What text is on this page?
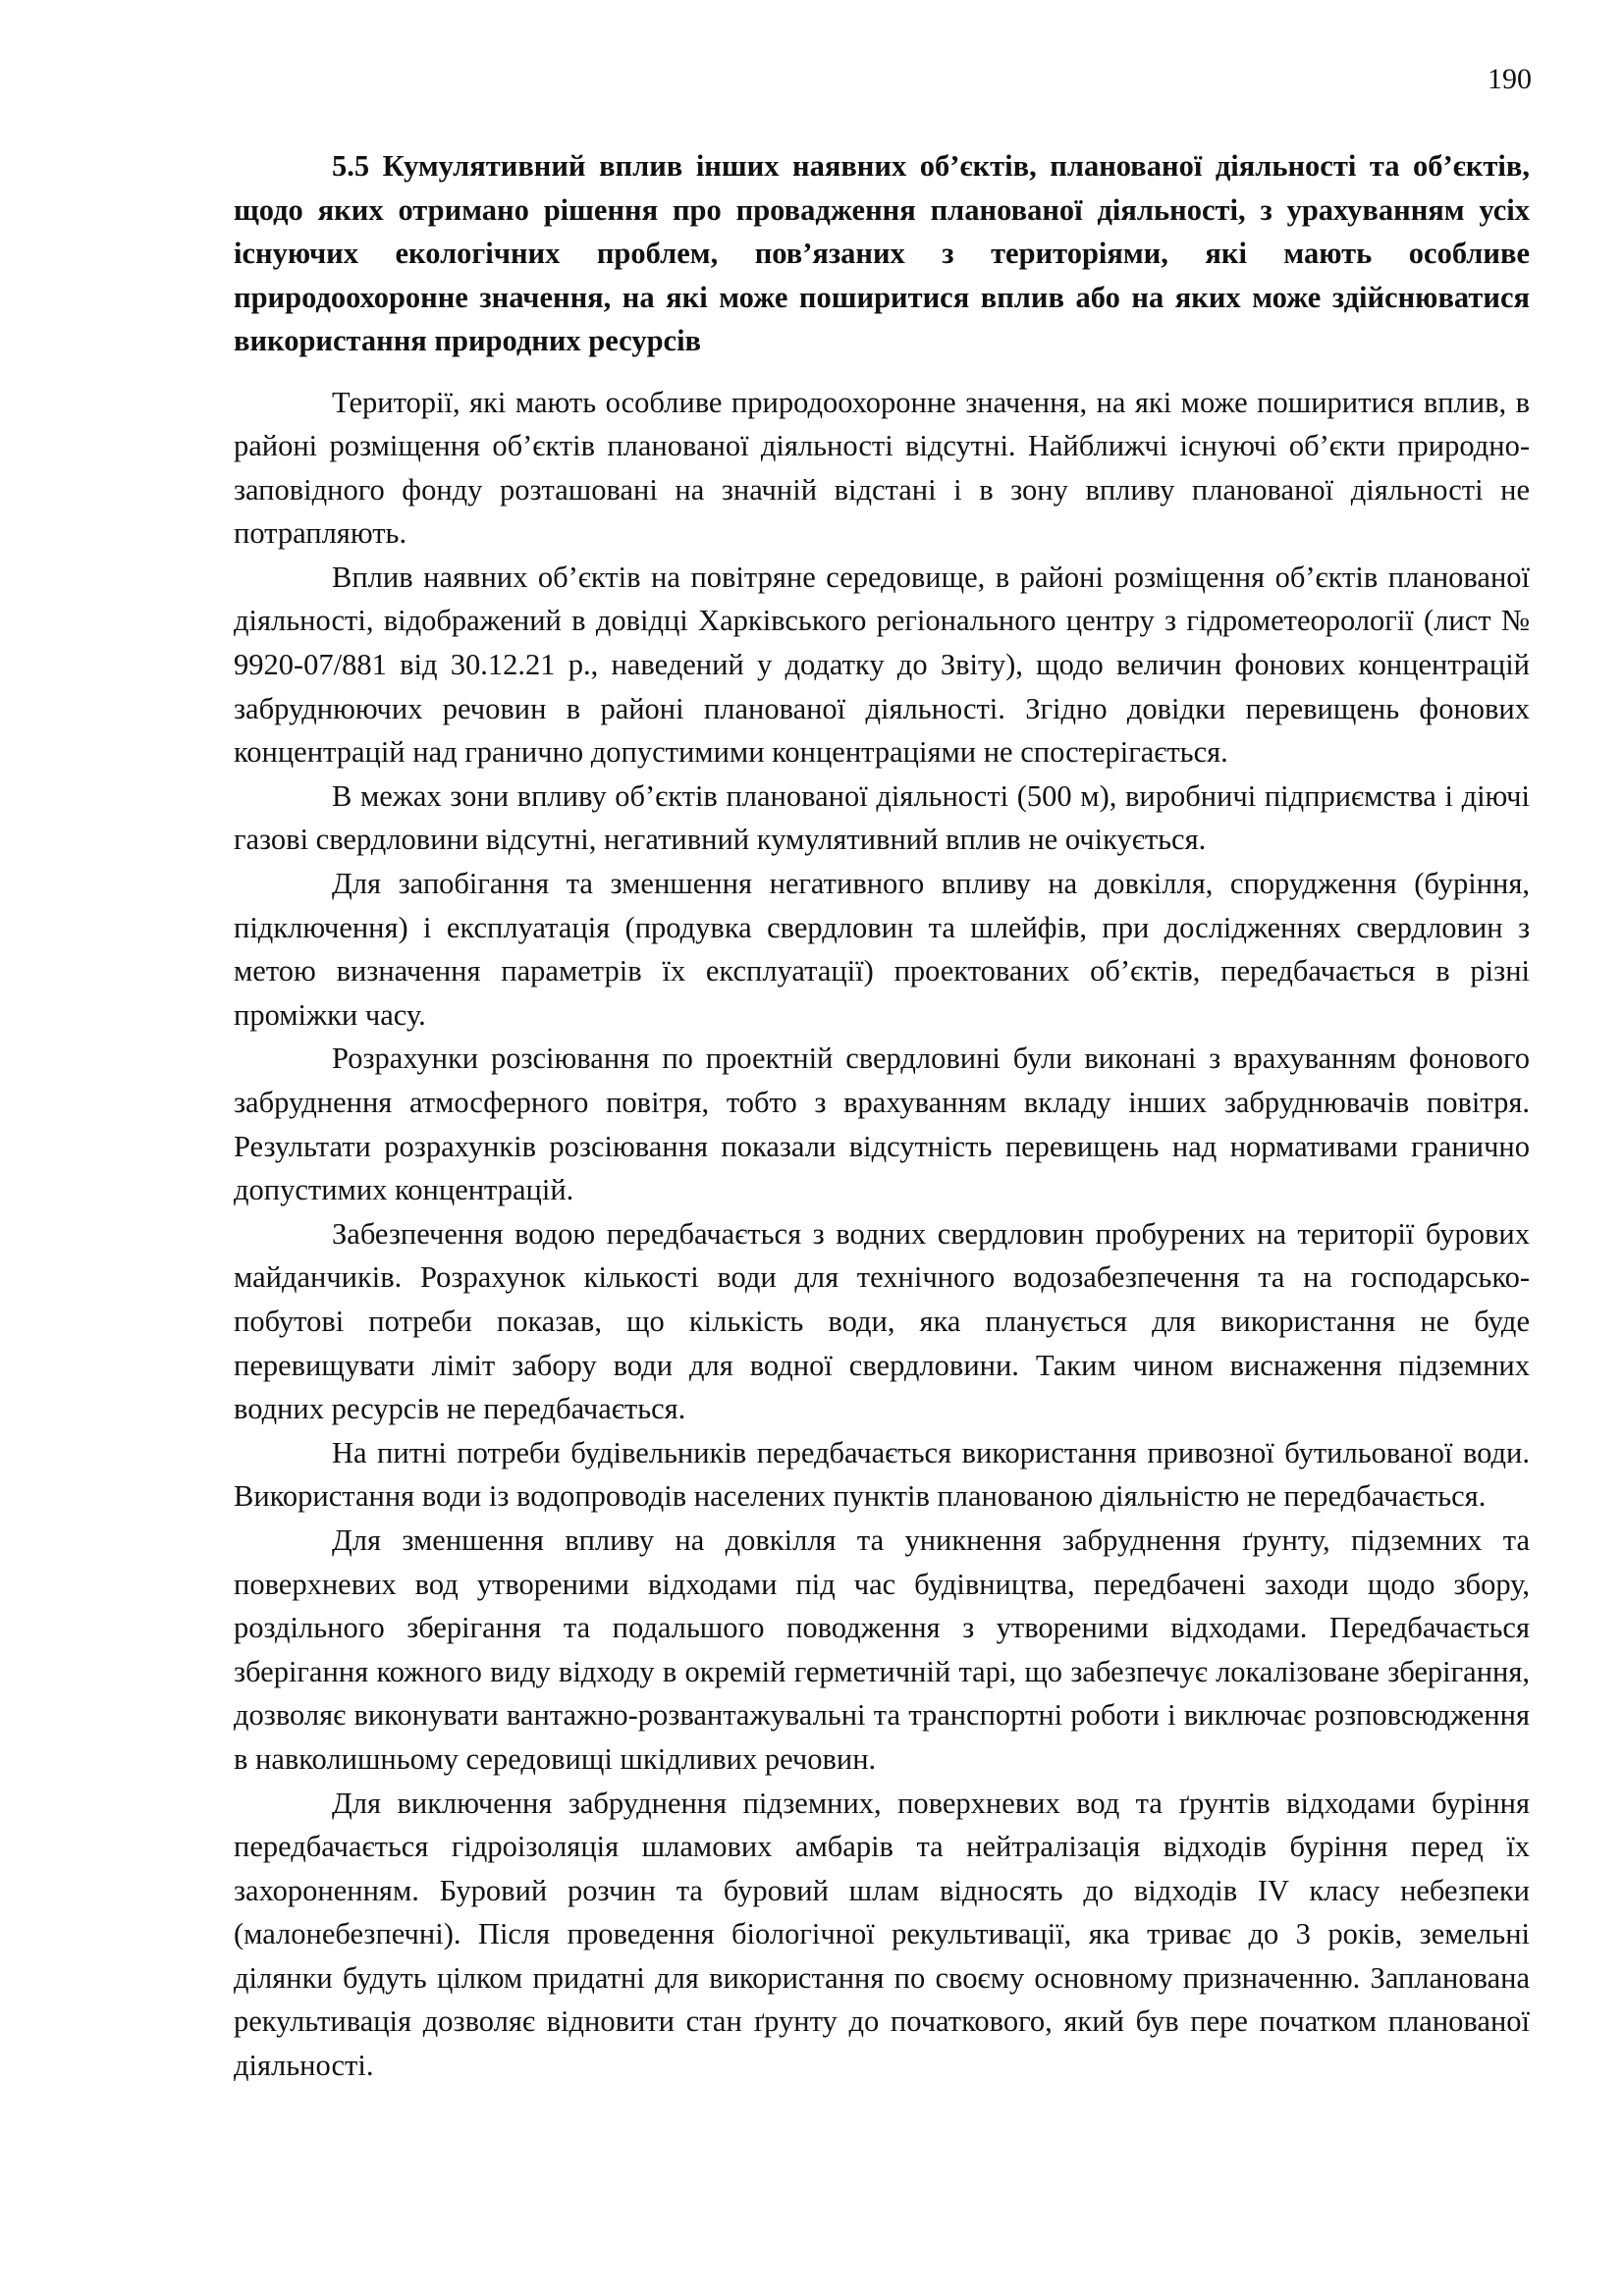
190

5.5 Кумулятивний вплив інших наявних об’єктів, планованої діяльності та об’єктів, щодо яких отримано рішення про провадження планованої діяльності, з урахуванням усіх існуючих екологічних проблем, пов’язаних з територіями, які мають особливе природоохоронне значення, на які може поширитися вплив або на яких може здійснюватися використання природних ресурсів

Території, які мають особливе природоохоронне значення, на які може поширитися вплив, в районі розміщення об’єктів планованої діяльності відсутні. Найближчі існуючі об’єкти природно-заповідного фонду розташовані на значній відстані і в зону впливу планованої діяльності не потрапляють.

Вплив наявних об’єктів на повітряне середовище, в районі розміщення об’єктів планованої діяльності, відображений в довідці Харківського регіонального центру з гідрометеорології (лист № 9920-07/881 від 30.12.21 р., наведений у додатку до Звіту), щодо величин фонових концентрацій забруднюючих речовин в районі планованої діяльності. Згідно довідки перевищень фонових концентрацій над гранично допустимими концентраціями не спостерігається.

В межах зони впливу об’єктів планованої діяльності (500 м), виробничі підприємства і діючі газові свердловини відсутні, негативний кумулятивний вплив не очікується.

Для запобігання та зменшення негативного впливу на довкілля, спорудження (буріння, підключення) і експлуатація (продувка свердловин та шлейфів, при дослідженнях свердловин з метою визначення параметрів їх експлуатації) проектованих об’єктів, передбачається в різні проміжки часу.

Розрахунки розсіювання по проектній свердловині були виконані з врахуванням фонового забруднення атмосферного повітря, тобто з врахуванням вкладу інших забруднювачів повітря. Результати розрахунків розсіювання показали відсутність перевищень над нормативами гранично допустимих концентрацій.

Забезпечення водою передбачається з водних свердловин пробурених на території бурових майданчиків. Розрахунок кількості води для технічного водозабезпечення та на господарсько-побутові потреби показав, що кількість води, яка планується для використання не буде перевищувати ліміт забору води для водної свердловини. Таким чином виснаження підземних водних ресурсів не передбачається.

На питні потреби будівельників передбачається використання привозної бутильованої води. Використання води із водопроводів населених пунктів планованою діяльністю не передбачається.

Для зменшення впливу на довкілля та уникнення забруднення ґрунту, підземних та поверхневих вод утвореними відходами під час будівництва, передбачені заходи щодо збору, роздільного зберігання та подальшого поводження з утвореними відходами. Передбачається зберігання кожного виду відходу в окремій герметичній тарі, що забезпечує локалізоване зберігання, дозволяє виконувати вантажно-розвантажувальні та транспортні роботи і виключає розповсюдження в навколишньому середовищі шкідливих речовин.

Для виключення забруднення підземних, поверхневих вод та ґрунтів відходами буріння передбачається гідроізоляція шламових амбарів та нейтралізація відходів буріння перед їх захороненням. Буровий розчин та буровий шлам відносять до відходів IV класу небезпеки (малонебезпечні). Після проведення біологічної рекультивації, яка триває до 3 років, земельні ділянки будуть цілком придатні для використання по своєму основному призначенню. Запланована рекультивація дозволяє відновити стан ґрунту до початкового, який був пере початком планованої діяльності.
